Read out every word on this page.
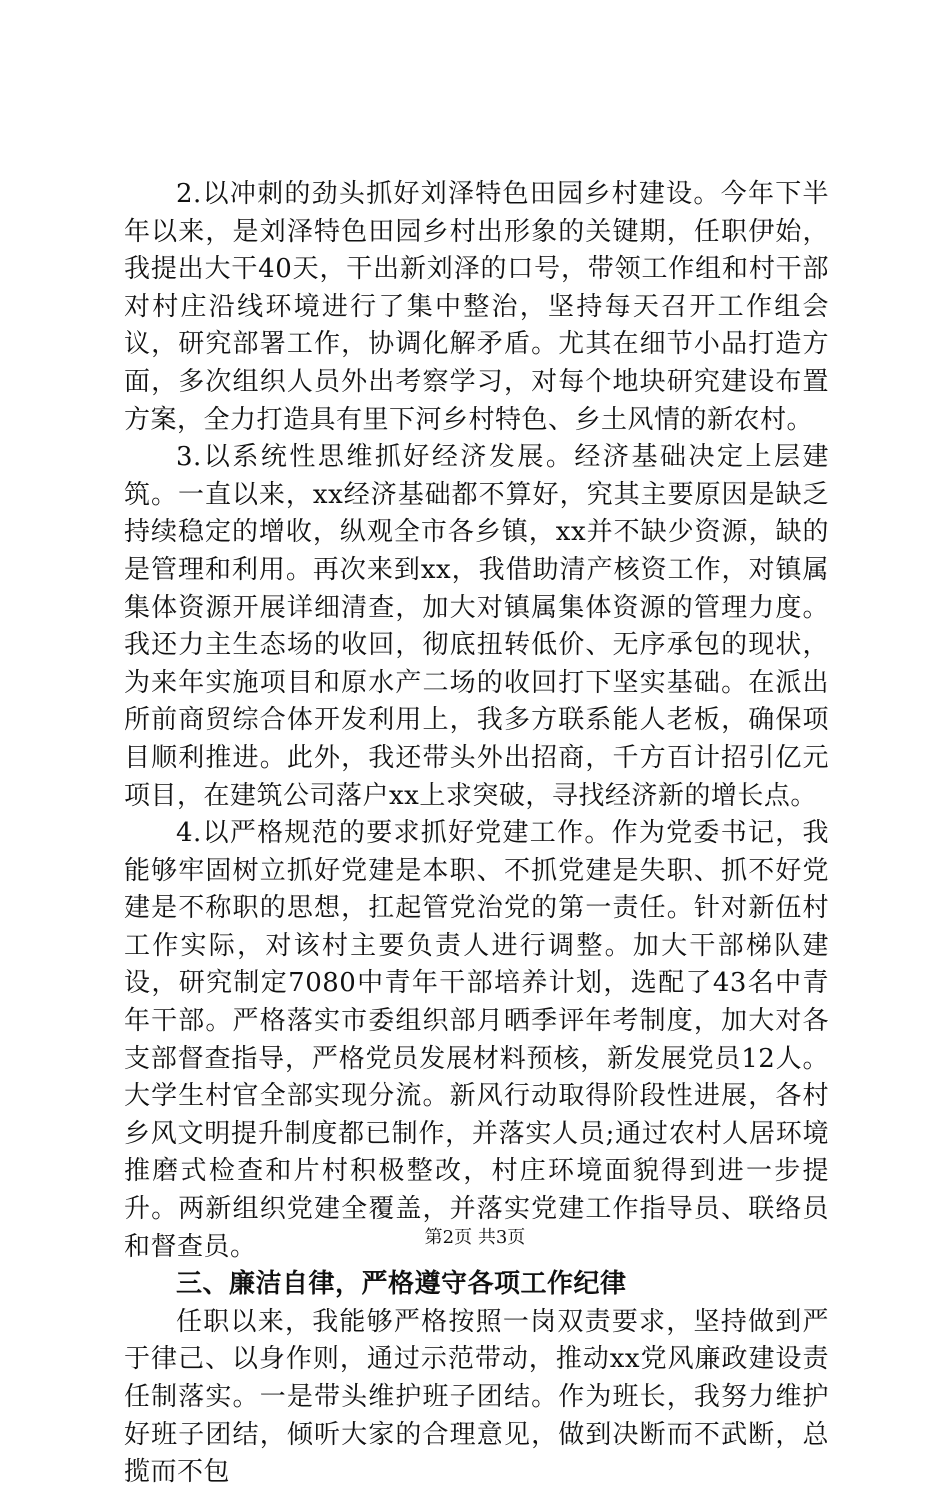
2.以冲刺的劲头抓好刘泽特色田园乡村建设。今年下半年以来，是刘泽特色田园乡村出形象的关键期，任职伊始，我提出大干40天，干出新刘泽的口号，带领工作组和村干部对村庄沿线环境进行了集中整治，坚持每天召开工作组会议，研究部署工作，协调化解矛盾。尤其在细节小品打造方面，多次组织人员外出考察学习，对每个地块研究建设布置方案，全力打造具有里下河乡村特色、乡土风情的新农村。

3.以系统性思维抓好经济发展。经济基础决定上层建筑。一直以来，xx经济基础都不算好，究其主要原因是缺乏持续稳定的增收，纵观全市各乡镇，xx并不缺少资源，缺的是管理和利用。再次来到xx，我借助清产核资工作，对镇属集体资源开展详细清查，加大对镇属集体资源的管理力度。我还力主生态场的收回，彻底扭转低价、无序承包的现状，为来年实施项目和原水产二场的收回打下坚实基础。在派出所前商贸综合体开发利用上，我多方联系能人老板，确保项目顺利推进。此外，我还带头外出招商，千方百计招引亿元项目，在建筑公司落户xx上求突破，寻找经济新的增长点。

4.以严格规范的要求抓好党建工作。作为党委书记，我能够牢固树立抓好党建是本职、不抓党建是失职、抓不好党建是不称职的思想，扛起管党治党的第一责任。针对新伍村工作实际，对该村主要负责人进行调整。加大干部梯队建设，研究制定7080中青年干部培养计划，选配了43名中青年干部。严格落实市委组织部月晒季评年考制度，加大对各支部督查指导，严格党员发展材料预核，新发展党员12人。大学生村官全部实现分流。新风行动取得阶段性进展，各村乡风文明提升制度都已制作，并落实人员;通过农村人居环境推磨式检查和片村积极整改，村庄环境面貌得到进一步提升。两新组织党建全覆盖，并落实党建工作指导员、联络员和督查员。

三、廉洁自律，严格遵守各项工作纪律

任职以来，我能够严格按照一岗双责要求，坚持做到严于律己、以身作则，通过示范带动，推动xx党风廉政建设责任制落实。一是带头维护班子团结。作为班长，我努力维护好班子团结，倾听大家的合理意见，做到决断而不武断，总揽而不包

第2页 共3页
